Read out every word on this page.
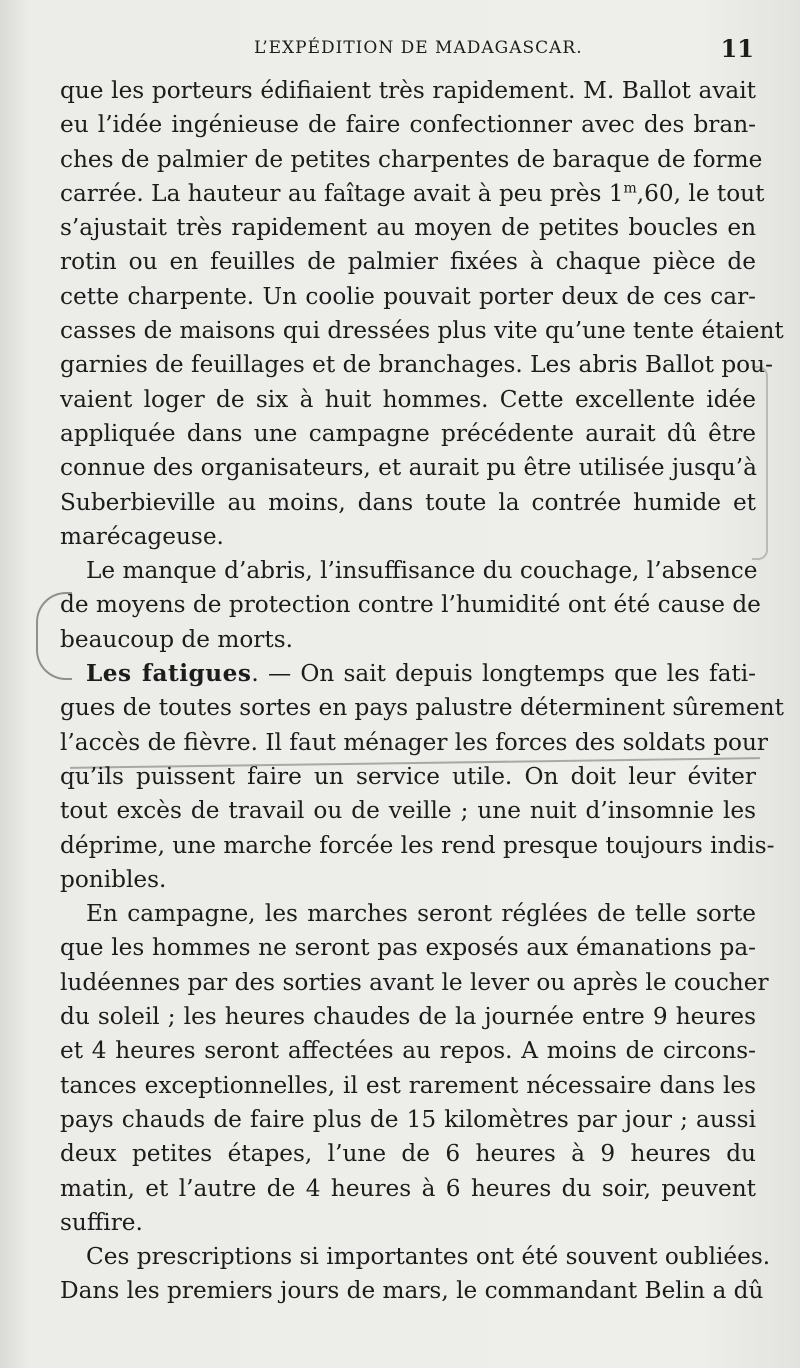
L’EXPÉDITION DE MADAGASCAR.	11
que les porteurs édifiaient très rapidement. M. Ballot avait
eu l’idée ingénieuse de faire confectionner avec des bran-
ches de palmier de petites charpentes de baraque de forme
carrée. La hauteur au faîtage avait à peu près 1$^m$,60, le tout
s’ajustait très rapidement au moyen de petites boucles en
rotin ou en feuilles de palmier fixées à chaque pièce de
cette charpente. Un coolie pouvait porter deux de ces car-
casses de maisons qui dressées plus vite qu’une tente étaient
garnies de feuillages et de branchages. Les abris Ballot pou-
vaient loger de six à huit hommes. Cette excellente idée
appliquée dans une campagne précédente aurait dû être
connue des organisateurs, et aurait pu être utilisée jusqu’à
Suberbieville au moins, dans toute la contrée humide et
marécageuse.
Le manque d’abris, l’insuffisance du couchage, l’absence
de moyens de protection contre l’humidité ont été cause de
beaucoup de morts.
Les fatigues. — On sait depuis longtemps que les fati-
gues de toutes sortes en pays palustre déterminent sûrement
l’accès de fièvre. Il faut ménager les forces des soldats pour
qu’ils puissent faire un service utile. On doit leur éviter
tout excès de travail ou de veille ; une nuit d’insomnie les
déprime, une marche forcée les rend presque toujours indis-
ponibles.
En campagne, les marches seront réglées de telle sorte
que les hommes ne seront pas exposés aux émanations pa-
ludéennes par des sorties avant le lever ou après le coucher
du soleil ; les heures chaudes de la journée entre 9 heures
et 4 heures seront affectées au repos. A moins de circons-
tances exceptionnelles, il est rarement nécessaire dans les
pays chauds de faire plus de 15 kilomètres par jour ; aussi
deux petites étapes, l’une de 6 heures à 9 heures du
matin, et l’autre de 4 heures à 6 heures du soir, peuvent
suffire.
Ces prescriptions si importantes ont été souvent oubliées.
Dans les premiers jours de mars, le commandant Belin a dû
